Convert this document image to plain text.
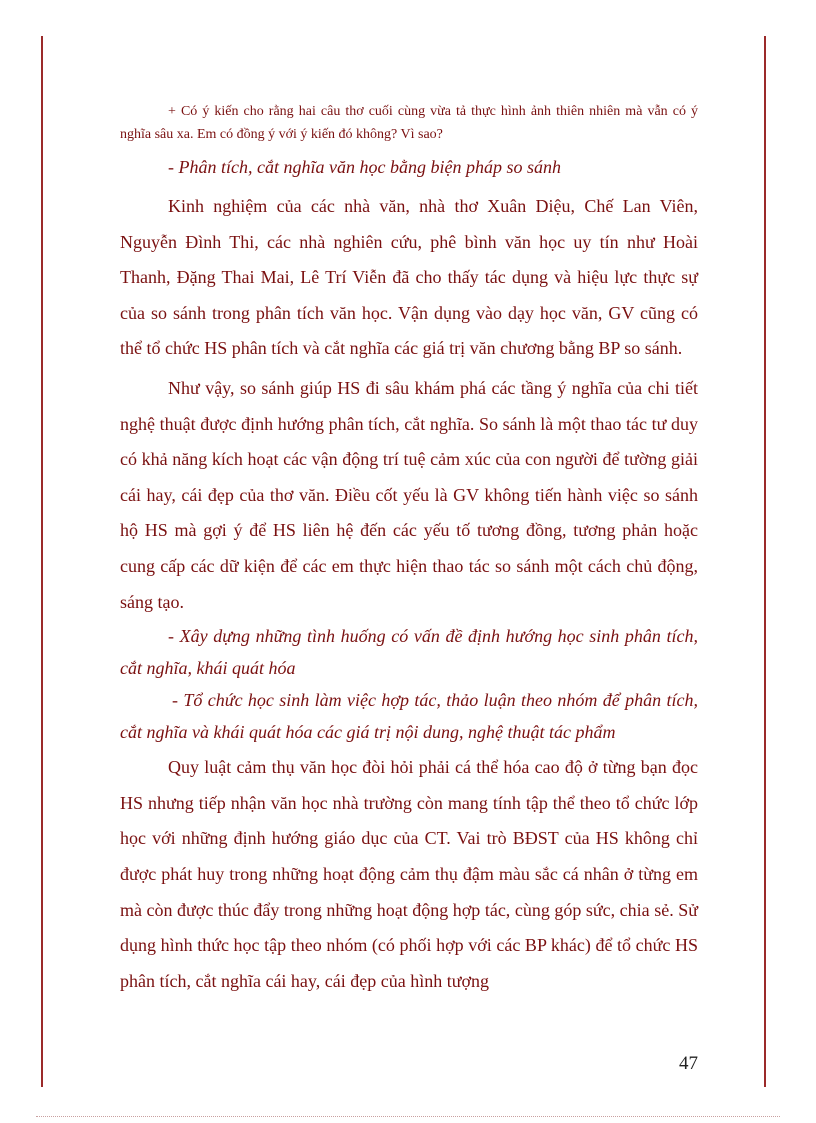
+ Có ý kiến cho rằng hai câu thơ cuối cùng vừa tả thực hình ảnh thiên nhiên mà vẫn có ý nghĩa sâu xa. Em có đồng ý với ý kiến đó không? Vì sao?
- Phân tích, cắt nghĩa văn học bằng biện pháp so sánh

Kinh nghiệm của các nhà văn, nhà thơ Xuân Diệu, Chế Lan Viên, Nguyễn Đình Thi, các nhà nghiên cứu, phê bình văn học uy tín như Hoài Thanh, Đặng Thai Mai, Lê Trí Viễn đã cho thấy tác dụng và hiệu lực thực sự của so sánh trong phân tích văn học. Vận dụng vào dạy học văn, GV cũng có thể tổ chức HS phân tích và cắt nghĩa các giá trị văn chương bằng BP so sánh.

Như vậy, so sánh giúp HS đi sâu khám phá các tầng ý nghĩa của chi tiết nghệ thuật được định hướng phân tích, cắt nghĩa. So sánh là một thao tác tư duy có khả năng kích hoạt các vận động trí tuệ cảm xúc của con người để tường giải cái hay, cái đẹp của thơ văn. Điều cốt yếu là GV không tiến hành việc so sánh hộ HS mà gợi ý để HS liên hệ đến các yếu tố tương đồng, tương phản hoặc cung cấp các dữ kiện để các em thực hiện thao tác so sánh một cách chủ động, sáng tạo.

- Xây dựng những tình huống có vấn đề định hướng học sinh phân tích, cắt nghĩa, khái quát hóa
- Tổ chức học sinh làm việc hợp tác, thảo luận theo nhóm để phân tích, cắt nghĩa và khái quát hóa các giá trị nội dung, nghệ thuật tác phẩm

Quy luật cảm thụ văn học đòi hỏi phải cá thể hóa cao độ ở từng bạn đọc HS nhưng tiếp nhận văn học nhà trường còn mang tính tập thể theo tổ chức lớp học với những định hướng giáo dục của CT. Vai trò BĐST của HS không chỉ được phát huy trong những hoạt động cảm thụ đậm màu sắc cá nhân ở từng em mà còn được thúc đẩy trong những hoạt động hợp tác, cùng góp sức, chia sẻ. Sử dụng hình thức học tập theo nhóm (có phối hợp với các BP khác) để tổ chức HS phân tích, cắt nghĩa cái hay, cái đẹp của hình tượng

47
